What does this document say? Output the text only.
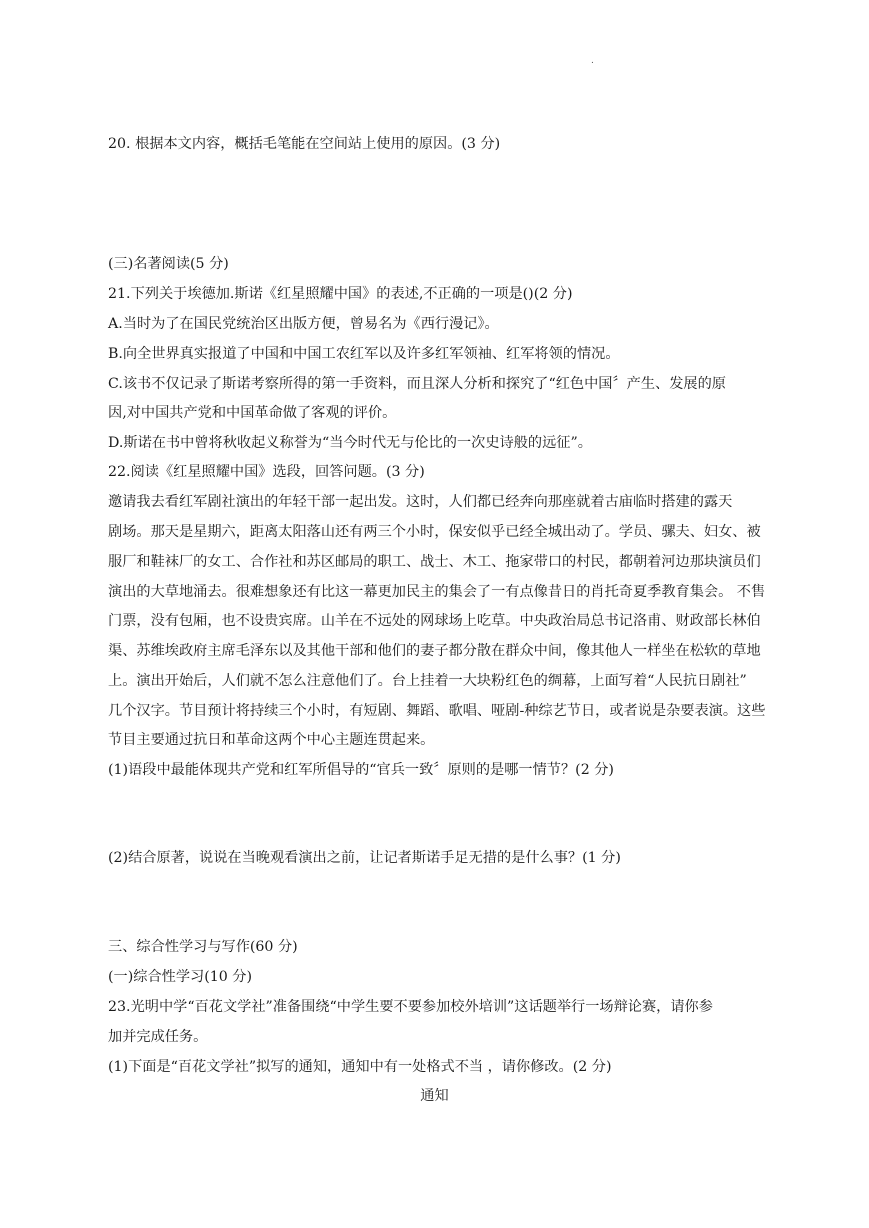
.
20. 根据本文内容，概括毛笔能在空间站上使用的原因。(3 分)
(三)名著阅读(5 分)
21.下列关于埃德加.斯诺《红星照耀中国》的表述,不正确的一项是()(2 分)
A.当时为了在国民党统治区出版方便，曾易名为《西行漫记》。
B.向全世界真实报道了中国和中国工农红军以及许多红军领袖、红军将领的情况。
C.该书不仅记录了斯诺考察所得的第一手资料，而且深人分析和探究了“红色中国〞产生、发展的原
因,对中国共产党和中国革命做了客观的评价。
D.斯诺在书中曾将秋收起义称誉为“当今时代无与伦比的一次史诗般的远征”。
22.阅读《红星照耀中国》选段，回答问题。(3 分)
邀请我去看红军剧社演出的年轻干部一起出发。这时，人们都已经奔向那座就着古庙临时搭建的露天
剧场。那天是星期六，距离太阳落山还有两三个小时，保安似乎已经全城出动了。学员、骡夫、妇女、被
服厂和鞋袜厂的女工、合作社和苏区邮局的职工、战士、木工、拖家带口的村民，都朝着河边那块演员们
演出的大草地涌去。很难想象还有比这一幕更加民主的集会了一有点像昔日的肖托奇夏季教育集会。 不售
门票，没有包厢，也不设贵宾席。山羊在不远处的网球场上吃草。中央政治局总书记洛甫、财政部长林伯
渠、苏维埃政府主席毛泽东以及其他干部和他们的妻子都分散在群众中间，像其他人一样坐在松软的草地
上。演出开始后，人们就不怎么注意他们了。台上挂着一大块粉红色的绸幕，上面写着“人民抗日剧社”
几个汉字。节目预计将持续三个小时，有短剧、舞蹈、歌唱、哑剧-种综艺节日，或者说是杂要表演。这些
节目主要通过抗日和革命这两个中心主题连贯起来。
(1)语段中最能体现共产党和红军所倡导的“官兵一致〞原则的是哪一情节？(2 分)
(2)结合原著，说说在当晚观看演出之前，让记者斯诺手足无措的是什么事？(1 分)
三、综合性学习与写作(60 分)
(一)综合性学习(10 分)
23.光明中学“百花文学社”准备围绕“中学生要不要参加校外培训”这话题举行一场辩论赛，请你参
加并完成任务。
(1)下面是“百花文学社”拟写的通知，通知中有一处格式不当 ，请你修改。(2 分)
通知
